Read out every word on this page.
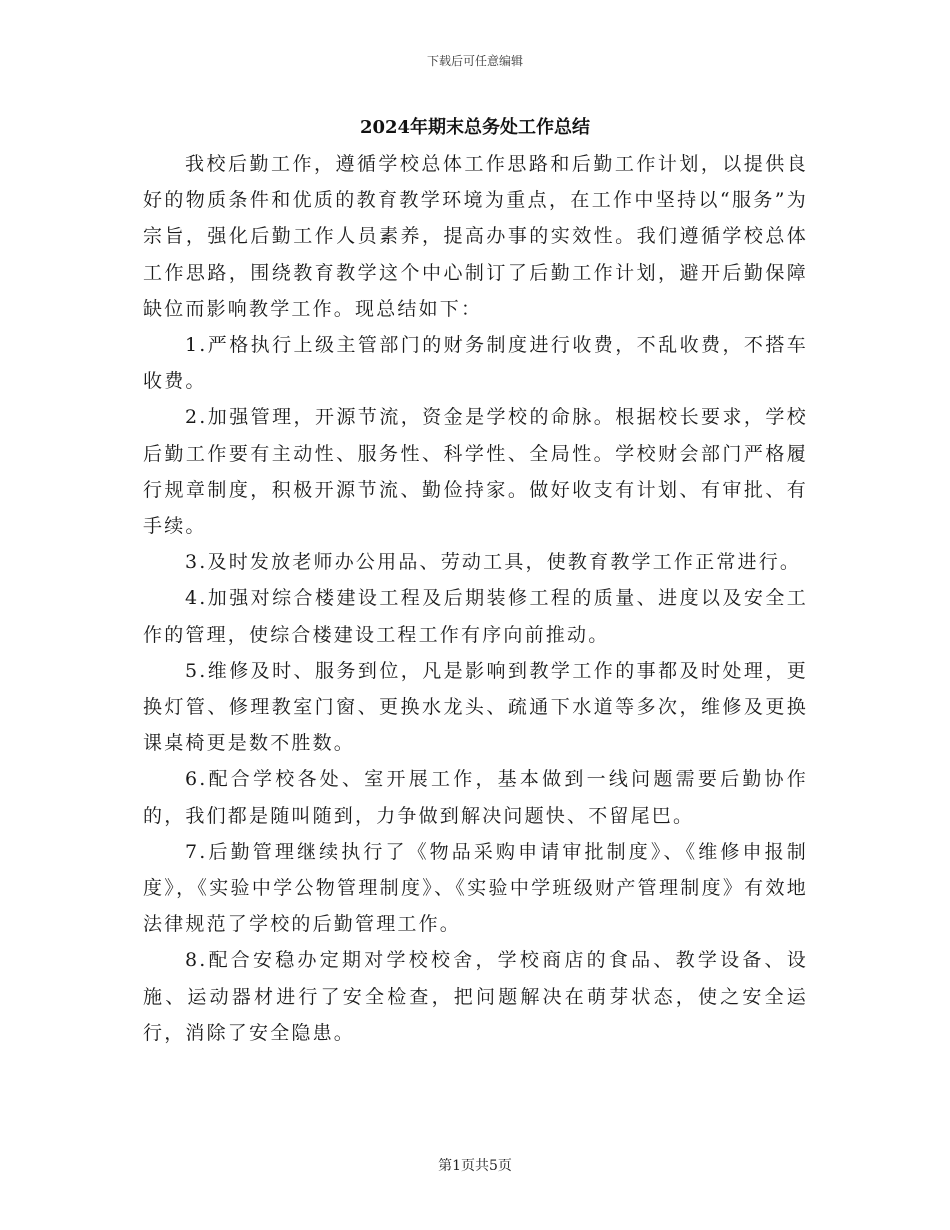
下载后可任意编辑
2024年期末总务处工作总结

我校后勤工作，遵循学校总体工作思路和后勤工作计划，以提供良好的物质条件和优质的教育教学环境为重点，在工作中坚持以“服务”为宗旨，强化后勤工作人员素养，提高办事的实效性。我们遵循学校总体工作思路，围绕教育教学这个中心制订了后勤工作计划，避开后勤保障缺位而影响教学工作。现总结如下：

1.严格执行上级主管部门的财务制度进行收费，不乱收费，不搭车收费。

2.加强管理，开源节流，资金是学校的命脉。根据校长要求，学校后勤工作要有主动性、服务性、科学性、全局性。学校财会部门严格履行规章制度，积极开源节流、勤俭持家。做好收支有计划、有审批、有手续。

3.及时发放老师办公用品、劳动工具，使教育教学工作正常进行。

4.加强对综合楼建设工程及后期装修工程的质量、进度以及安全工作的管理，使综合楼建设工程工作有序向前推动。

5.维修及时、服务到位，凡是影响到教学工作的事都及时处理，更换灯管、修理教室门窗、更换水龙头、疏通下水道等多次，维修及更换课桌椅更是数不胜数。

6.配合学校各处、室开展工作，基本做到一线问题需要后勤协作的，我们都是随叫随到，力争做到解决问题快、不留尾巴。

7.后勤管理继续执行了《物品采购申请审批制度》、《维修申报制度》，《实验中学公物管理制度》、《实验中学班级财产管理制度》有效地法律规范了学校的后勤管理工作。

8.配合安稳办定期对学校校舍，学校商店的食品、教学设备、设施、运动器材进行了安全检查，把问题解决在萌芽状态，使之安全运行，消除了安全隐患。

第1页共5页
